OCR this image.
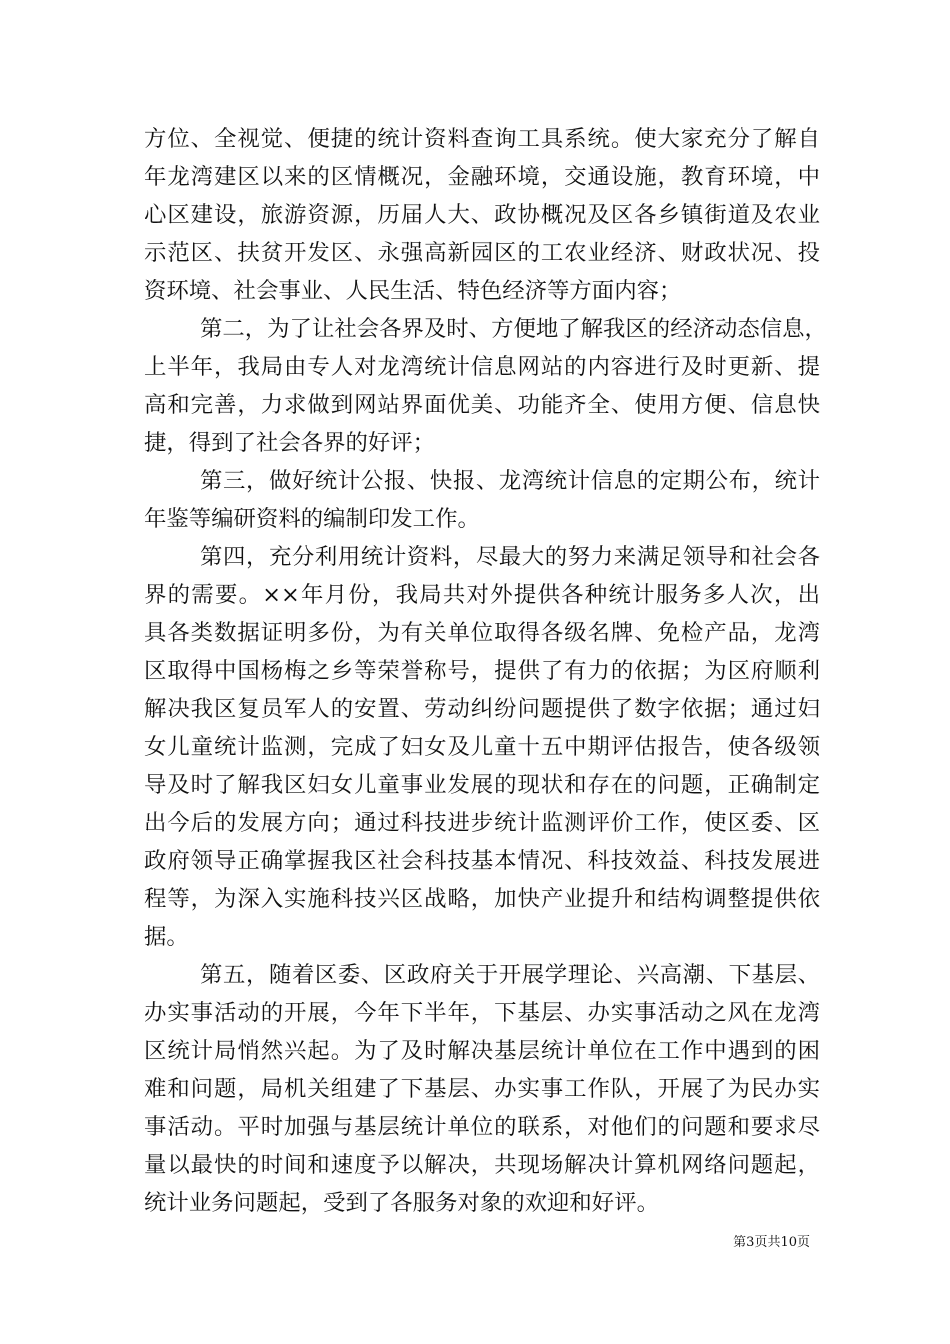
方位、全视觉、便捷的统计资料查询工具系统。使大家充分了解自
年龙湾建区以来的区情概况，金融环境，交通设施，教育环境，中
心区建设，旅游资源，历届人大、政协概况及区各乡镇街道及农业
示范区、扶贫开发区、永强高新园区的工农业经济、财政状况、投
资环境、社会事业、人民生活、特色经济等方面内容；
第二，为了让社会各界及时、方便地了解我区的经济动态信息，
上半年，我局由专人对龙湾统计信息网站的内容进行及时更新、提
高和完善，力求做到网站界面优美、功能齐全、使用方便、信息快
捷，得到了社会各界的好评；
第三，做好统计公报、快报、龙湾统计信息的定期公布，统计
年鉴等编研资料的编制印发工作。
第四，充分利用统计资料，尽最大的努力来满足领导和社会各
界的需要。××年月份，我局共对外提供各种统计服务多人次，出
具各类数据证明多份，为有关单位取得各级名牌、免检产品，龙湾
区取得中国杨梅之乡等荣誉称号，提供了有力的依据；为区府顺利
解决我区复员军人的安置、劳动纠纷问题提供了数字依据；通过妇
女儿童统计监测，完成了妇女及儿童十五中期评估报告，使各级领
导及时了解我区妇女儿童事业发展的现状和存在的问题，正确制定
出今后的发展方向；通过科技进步统计监测评价工作，使区委、区
政府领导正确掌握我区社会科技基本情况、科技效益、科技发展进
程等，为深入实施科技兴区战略，加快产业提升和结构调整提供依
据。
第五，随着区委、区政府关于开展学理论、兴高潮、下基层、
办实事活动的开展，今年下半年，下基层、办实事活动之风在龙湾
区统计局悄然兴起。为了及时解决基层统计单位在工作中遇到的困
难和问题，局机关组建了下基层、办实事工作队，开展了为民办实
事活动。平时加强与基层统计单位的联系，对他们的问题和要求尽
量以最快的时间和速度予以解决，共现场解决计算机网络问题起，
统计业务问题起，受到了各服务对象的欢迎和好评。
第3页共10页
